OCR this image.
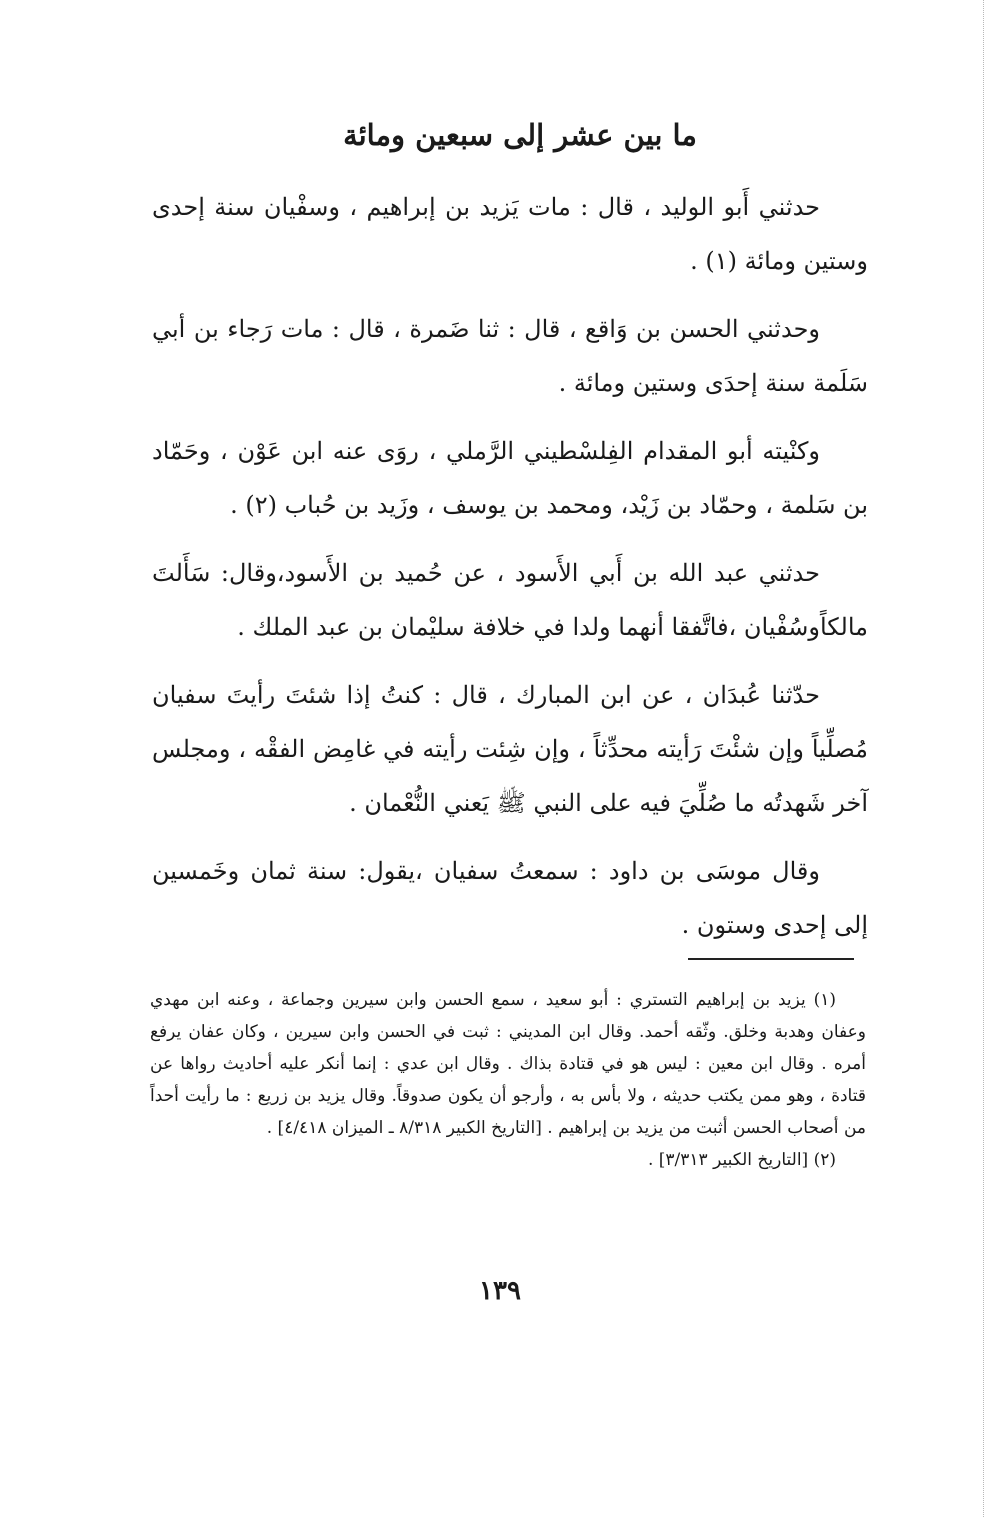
ما بين عشر إلى سبعين ومائة

حدثني أَبو الوليد ، قال : مات يَزيد بن إبراهيم ، وسفْيان سنة إحدى وستين ومائة (١) .

وحدثني الحسن بن وَاقع ، قال : ثنا ضَمرة ، قال : مات رَجاء بن أبي سَلَمة سنة إحدَى وستين ومائة .

وكنْيته أبو المقدام الفِلسْطيني الرَّملي ، روَى عنه ابن عَوْن ، وحَمّاد بن سَلمة ، وحمّاد بن زَيْد، ومحمد بن يوسف ، وزَيد بن حُباب (٢) .

حدثني عبد الله بن أَبي الأَسود ، عن حُميد بن الأَسود،وقال: سَأَلتَ مالكاًوسُفْيان ،فاتَّفقا أنهما ولدا في خلافة سليْمان بن عبد الملك .

حدّثنا عُبدَان ، عن ابن المبارك ، قال : كنتُ إذا شئتَ رأيتَ سفيان مُصلِّياً وإن شئْتَ رَأيته محدِّثاً ، وإن شِئت رأيته في غامِض الفقْه ، ومجلس آخر شَهدتُه ما صُلِّيَ فيه على النبي ﷺ يَعني النُّعْمان .

وقال موسَى بن داود : سمعتُ سفيان ،يقول: سنة ثمان وخَمسين إلى إحدى وستون .

(١) يزيد بن إبراهيم التستري : أبو سعيد ، سمع الحسن وابن سيرين وجماعة ، وعنه ابن مهدي وعفان وهدبة وخلق. وثّقه أحمد. وقال ابن المديني : ثبت في الحسن وابن سيرين ، وكان عفان يرفع أمره . وقال ابن معين : ليس هو في قتادة بذاك . وقال ابن عدي : إنما أنكر عليه أحاديث رواها عن قتادة ، وهو ممن يكتب حديثه ، ولا بأس به ، وأرجو أن يكون صدوقاً. وقال يزيد بن زريع : ما رأيت أحداً من أصحاب الحسن أثبت من يزيد بن إبراهيم . [التاريخ الكبير ٨/٣١٨ ـ الميزان ٤/٤١٨] .

(٢) [التاريخ الكبير ٣/٣١٣] .

١٣٩
